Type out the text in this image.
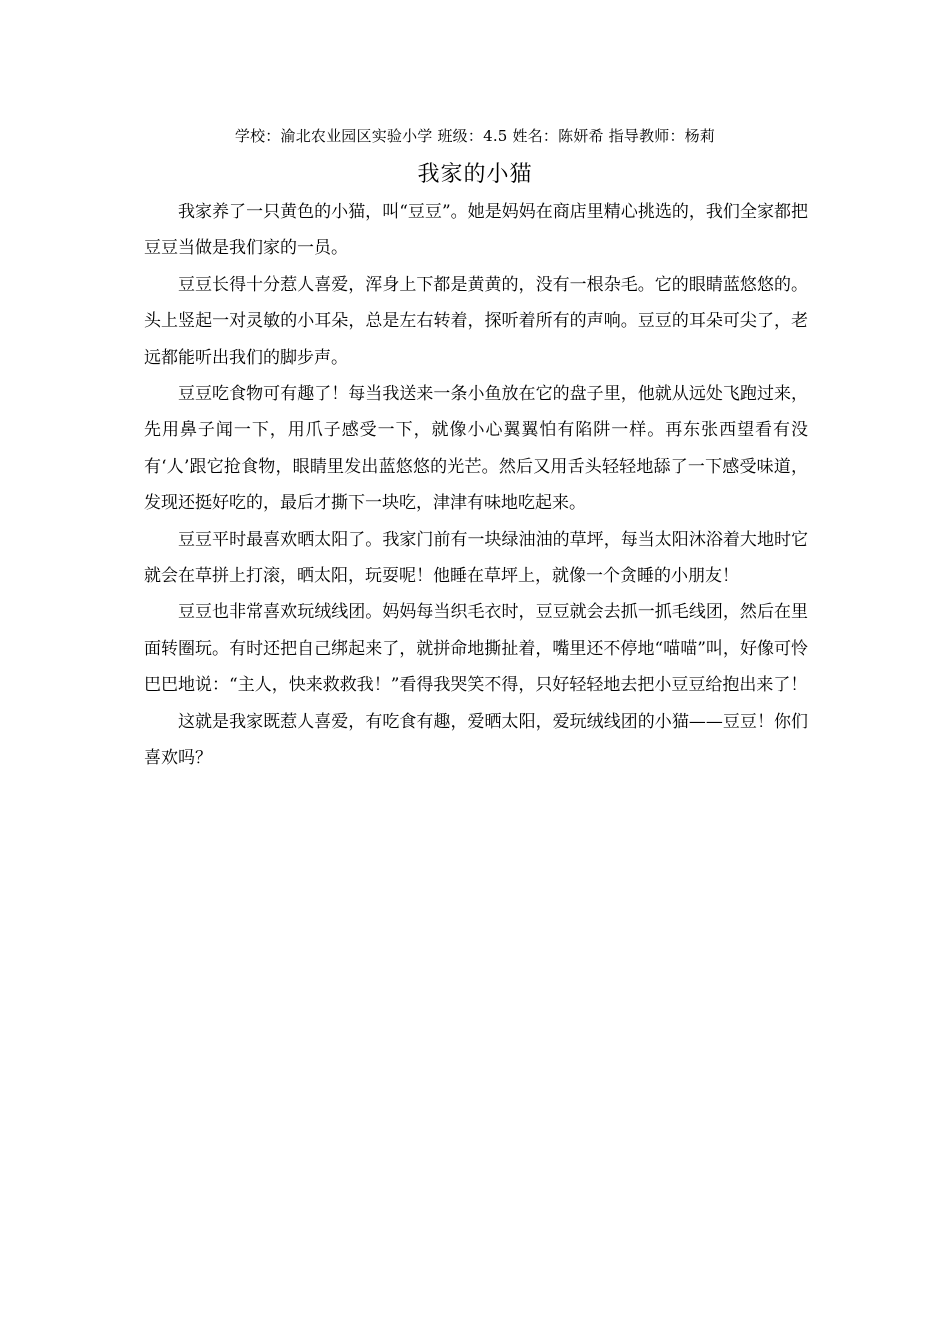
学校：渝北农业园区实验小学 班级：4.5 姓名：陈妍希 指导教师：杨莉
我家的小猫

我家养了一只黄色的小猫，叫“豆豆”。她是妈妈在商店里精心挑选的，我们全家都把豆豆当做是我们家的一员。

豆豆长得十分惹人喜爱，浑身上下都是黄黄的，没有一根杂毛。它的眼睛蓝悠悠的。头上竖起一对灵敏的小耳朵，总是左右转着，探听着所有的声响。豆豆的耳朵可尖了，老远都能听出我们的脚步声。

豆豆吃食物可有趣了！每当我送来一条小鱼放在它的盘子里，他就从远处飞跑过来，先用鼻子闻一下，用爪子感受一下，就像小心翼翼怕有陷阱一样。再东张西望看有没有‘人’跟它抢食物，眼睛里发出蓝悠悠的光芒。然后又用舌头轻轻地舔了一下感受味道，发现还挺好吃的，最后才撕下一块吃，津津有味地吃起来。

豆豆平时最喜欢晒太阳了。我家门前有一块绿油油的草坪，每当太阳沐浴着大地时它就会在草拼上打滚，晒太阳，玩耍呢！他睡在草坪上，就像一个贪睡的小朋友！

豆豆也非常喜欢玩绒线团。妈妈每当织毛衣时，豆豆就会去抓一抓毛线团，然后在里面转圈玩。有时还把自己绑起来了，就拼命地撕扯着，嘴里还不停地“喵喵”叫，好像可怜巴巴地说：“主人，快来救救我！”看得我哭笑不得，只好轻轻地去把小豆豆给抱出来了！

这就是我家既惹人喜爱，有吃食有趣，爱晒太阳，爱玩绒线团的小猫——豆豆！你们喜欢吗？
